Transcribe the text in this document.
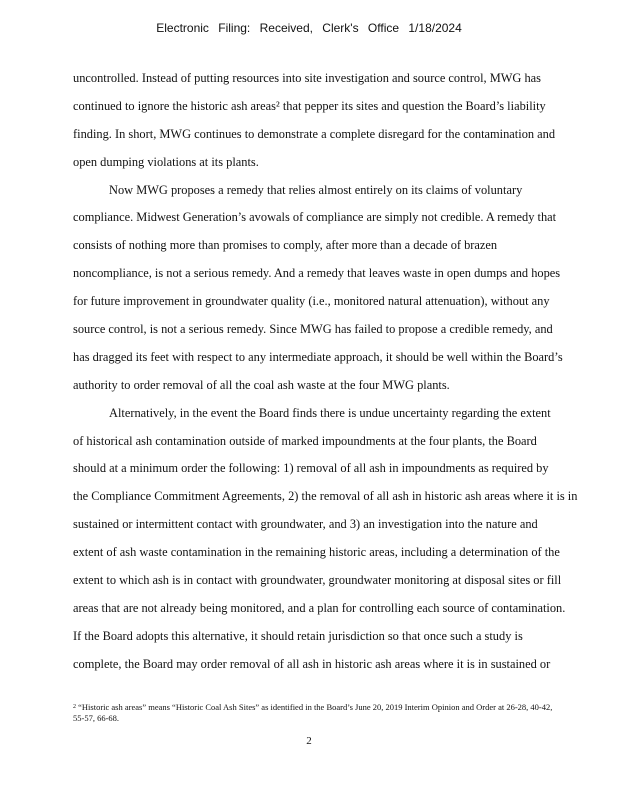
Electronic Filing: Received, Clerk's Office 1/18/2024
uncontrolled. Instead of putting resources into site investigation and source control, MWG has
continued to ignore the historic ash areas² that pepper its sites and question the Board’s liability
finding. In short, MWG continues to demonstrate a complete disregard for the contamination and
open dumping violations at its plants.
Now MWG proposes a remedy that relies almost entirely on its claims of voluntary
compliance. Midwest Generation’s avowals of compliance are simply not credible. A remedy that
consists of nothing more than promises to comply, after more than a decade of brazen
noncompliance, is not a serious remedy. And a remedy that leaves waste in open dumps and hopes
for future improvement in groundwater quality (i.e., monitored natural attenuation), without any
source control, is not a serious remedy. Since MWG has failed to propose a credible remedy, and
has dragged its feet with respect to any intermediate approach, it should be well within the Board’s
authority to order removal of all the coal ash waste at the four MWG plants.
Alternatively, in the event the Board finds there is undue uncertainty regarding the extent
of historical ash contamination outside of marked impoundments at the four plants, the Board
should at a minimum order the following: 1) removal of all ash in impoundments as required by
the Compliance Commitment Agreements, 2) the removal of all ash in historic ash areas where it is in
sustained or intermittent contact with groundwater, and 3) an investigation into the nature and
extent of ash waste contamination in the remaining historic areas, including a determination of the
extent to which ash is in contact with groundwater, groundwater monitoring at disposal sites or fill
areas that are not already being monitored, and a plan for controlling each source of contamination.
If the Board adopts this alternative, it should retain jurisdiction so that once such a study is
complete, the Board may order removal of all ash in historic ash areas where it is in sustained or
$^2$ “Historic ash areas” means “Historic Coal Ash Sites” as identified in the Board’s June 20, 2019 Interim Opinion and Order at 26-28, 40-42, 55-57, 66-68.
2
